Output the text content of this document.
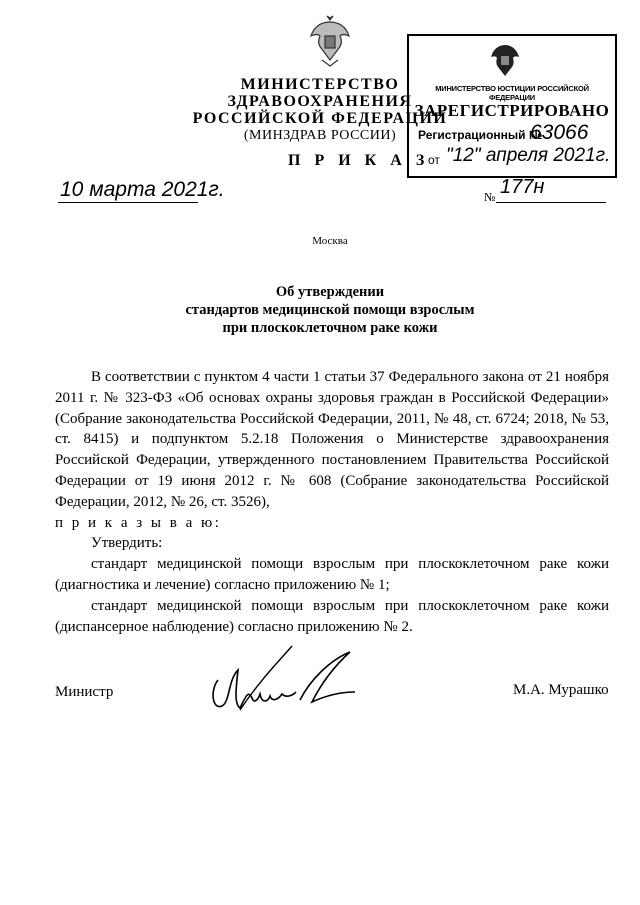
МИНИСТЕРСТВО ЗДРАВООХРАНЕНИЯ
РОССИЙСКОЙ ФЕДЕРАЦИИ
(МИНЗДРАВ РОССИИ)
МИНИСТЕРСТВО ЮСТИЦИИ РОССИЙСКОЙ ФЕДЕРАЦИИ
ЗАРЕГИСТРИРОВАНО
Регистрационный №
63066
от "12" апреля 2021г.
П Р И К А З
10 марта 2021г.	№ 177н
Москва
Об утверждении
стандартов медицинской помощи взрослым
при плоскоклеточном раке кожи

В соответствии с пунктом 4 части 1 статьи 37 Федерального закона от 21 ноября 2011 г. № 323-ФЗ «Об основах охраны здоровья граждан в Российской Федерации» (Собрание законодательства Российской Федерации, 2011, № 48, ст. 6724; 2018, № 53, ст. 8415) и подпунктом 5.2.18 Положения о Министерстве здравоохранения Российской Федерации, утвержденного постановлением Правительства Российской Федерации от 19 июня 2012 г. № 608 (Собрание законодательства Российской Федерации, 2012, № 26, ст. 3526),

п р и к а з ы в а ю:

Утвердить:

стандарт медицинской помощи взрослым при плоскоклеточном раке кожи (диагностика и лечение) согласно приложению № 1;

стандарт медицинской помощи взрослым при плоскоклеточном раке кожи (диспансерное наблюдение) согласно приложению № 2.

Министр	М.А. Мурашко
